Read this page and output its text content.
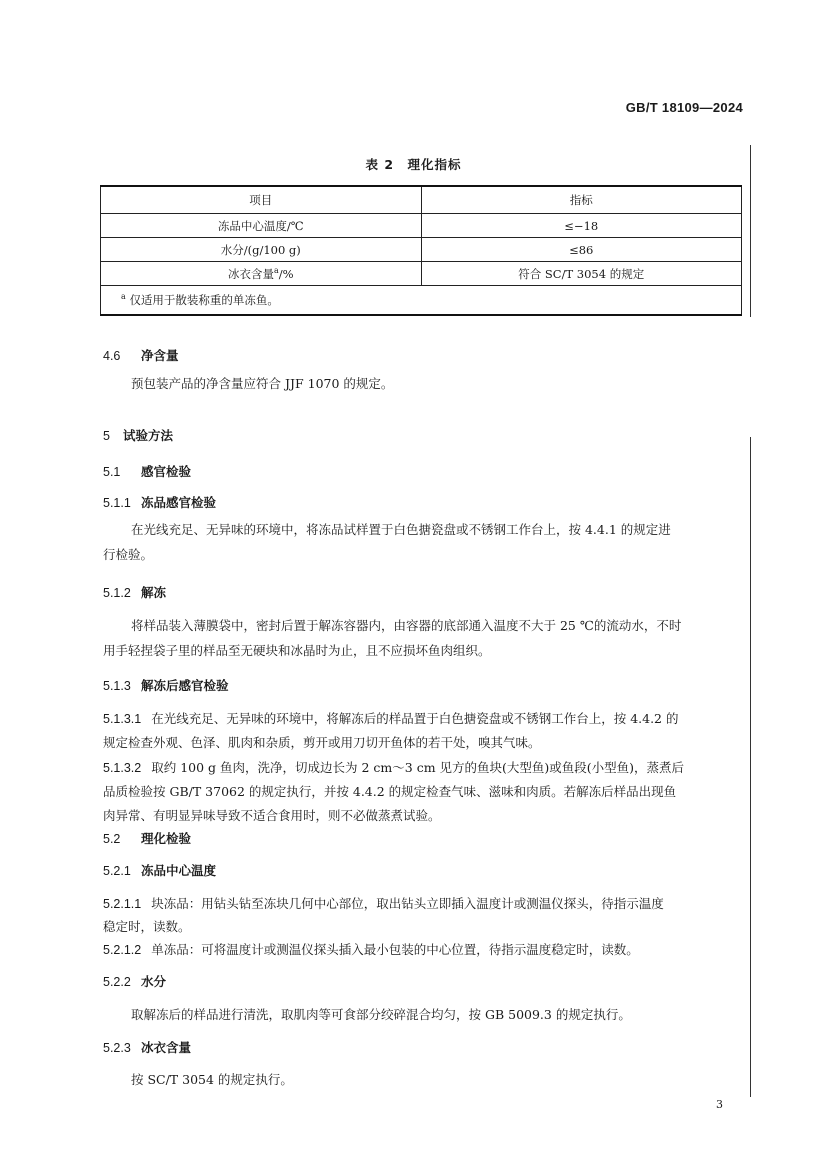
GB/T 18109—2024
表 2　理化指标
项目	指标
冻品中心温度/℃	≤−18
水分/(g/100 g)	≤86
冰衣含量$^a$/%	符合 SC/T 3054 的规定
$^a$ 仅适用于散装称重的单冻鱼。	
4.6 净含量
预包装产品的净含量应符合 JJF 1070 的规定。
5 试验方法
5.1 感官检验
5.1.1 冻品感官检验
在光线充足、无异味的环境中，将冻品试样置于白色搪瓷盘或不锈钢工作台上，按 4.4.1 的规定进
行检验。
5.1.2 解冻
将样品装入薄膜袋中，密封后置于解冻容器内，由容器的底部通入温度不大于 25 ℃的流动水，不时
用手轻捏袋子里的样品至无硬块和冰晶时为止，且不应损坏鱼肉组织。
5.1.3 解冻后感官检验
5.1.3.1 在光线充足、无异味的环境中，将解冻后的样品置于白色搪瓷盘或不锈钢工作台上，按 4.4.2 的
规定检查外观、色泽、肌肉和杂质，剪开或用刀切开鱼体的若干处，嗅其气味。
5.1.3.2 取约 100 g 鱼肉，洗净，切成边长为 2 cm～3 cm 见方的鱼块(大型鱼)或鱼段(小型鱼)，蒸煮后
品质检验按 GB/T 37062 的规定执行，并按 4.4.2 的规定检查气味、滋味和肉质。若解冻后样品出现鱼
肉异常、有明显异味导致不适合食用时，则不必做蒸煮试验。
5.2 理化检验
5.2.1 冻品中心温度
5.2.1.1 块冻品：用钻头钻至冻块几何中心部位，取出钻头立即插入温度计或测温仪探头，待指示温度
稳定时，读数。
5.2.1.2 单冻品：可将温度计或测温仪探头插入最小包装的中心位置，待指示温度稳定时，读数。
5.2.2 水分
取解冻后的样品进行清洗，取肌肉等可食部分绞碎混合均匀，按 GB 5009.3 的规定执行。
5.2.3 冰衣含量
按 SC/T 3054 的规定执行。
3
